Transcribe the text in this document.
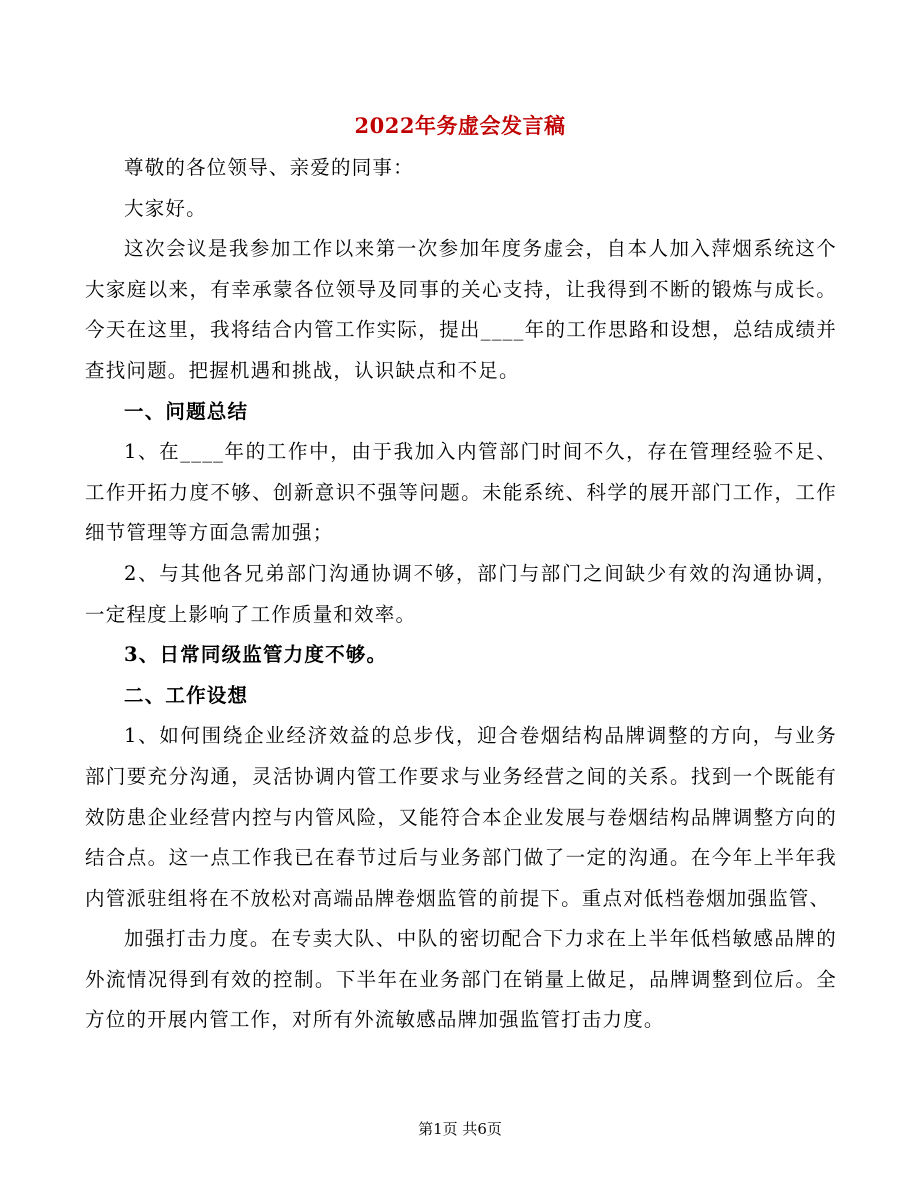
2022年务虚会发言稿

尊敬的各位领导、亲爱的同事：

大家好。

这次会议是我参加工作以来第一次参加年度务虚会，自本人加入萍烟系统这个大家庭以来，有幸承蒙各位领导及同事的关心支持，让我得到不断的锻炼与成长。今天在这里，我将结合内管工作实际，提出____年的工作思路和设想，总结成绩并查找问题。把握机遇和挑战，认识缺点和不足。

一、问题总结

1、在____年的工作中，由于我加入内管部门时间不久，存在管理经验不足、工作开拓力度不够、创新意识不强等问题。未能系统、科学的展开部门工作，工作细节管理等方面急需加强；

2、与其他各兄弟部门沟通协调不够，部门与部门之间缺少有效的沟通协调，一定程度上影响了工作质量和效率。

3、日常同级监管力度不够。

二、工作设想

1、如何围绕企业经济效益的总步伐，迎合卷烟结构品牌调整的方向，与业务部门要充分沟通，灵活协调内管工作要求与业务经营之间的关系。找到一个既能有效防患企业经营内控与内管风险，又能符合本企业发展与卷烟结构品牌调整方向的结合点。这一点工作我已在春节过后与业务部门做了一定的沟通。在今年上半年我内管派驻组将在不放松对高端品牌卷烟监管的前提下。重点对低档卷烟加强监管、

加强打击力度。在专卖大队、中队的密切配合下力求在上半年低档敏感品牌的外流情况得到有效的控制。下半年在业务部门在销量上做足，品牌调整到位后。全方位的开展内管工作，对所有外流敏感品牌加强监管打击力度。

第1页 共6页
